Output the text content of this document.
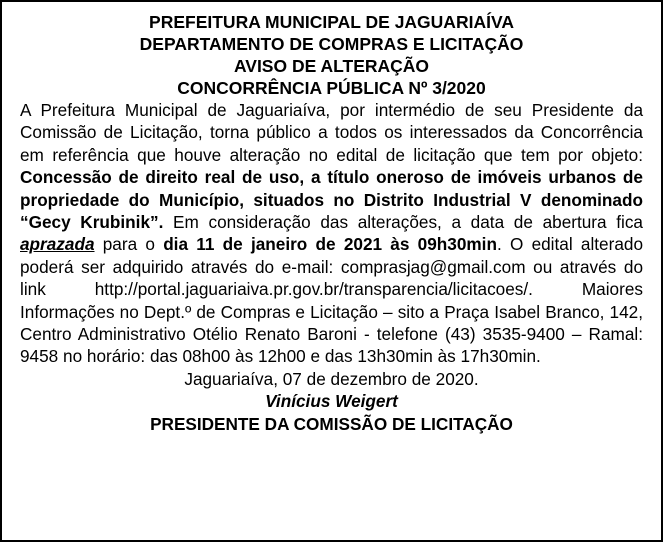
PREFEITURA MUNICIPAL DE JAGUARIAÍVA
DEPARTAMENTO DE COMPRAS E LICITAÇÃO
AVISO DE ALTERAÇÃO
CONCORRÊNCIA PÚBLICA Nº 3/2020
A Prefeitura Municipal de Jaguariaíva, por intermédio de seu Presidente da Comissão de Licitação, torna público a todos os interessados da Concorrência em referência que houve alteração no edital de licitação que tem por objeto: Concessão de direito real de uso, a título oneroso de imóveis urbanos de propriedade do Município, situados no Distrito Industrial V denominado “Gecy Krubinik”. Em consideração das alterações, a data de abertura fica aprazada para o dia 11 de janeiro de 2021 às 09h30min. O edital alterado poderá ser adquirido através do e-mail: comprasjag@gmail.com ou através do link http://portal.jaguariaiva.pr.gov.br/transparencia/licitacoes/. Maiores Informações no Dept.º de Compras e Licitação – sito a Praça Isabel Branco, 142, Centro Administrativo Otélio Renato Baroni - telefone (43) 3535-9400 – Ramal: 9458 no horário: das 08h00 às 12h00 e das 13h30min às 17h30min.
Jaguariaíva, 07 de dezembro de 2020.
Vinícius Weigert
PRESIDENTE DA COMISSÃO DE LICITAÇÃO
